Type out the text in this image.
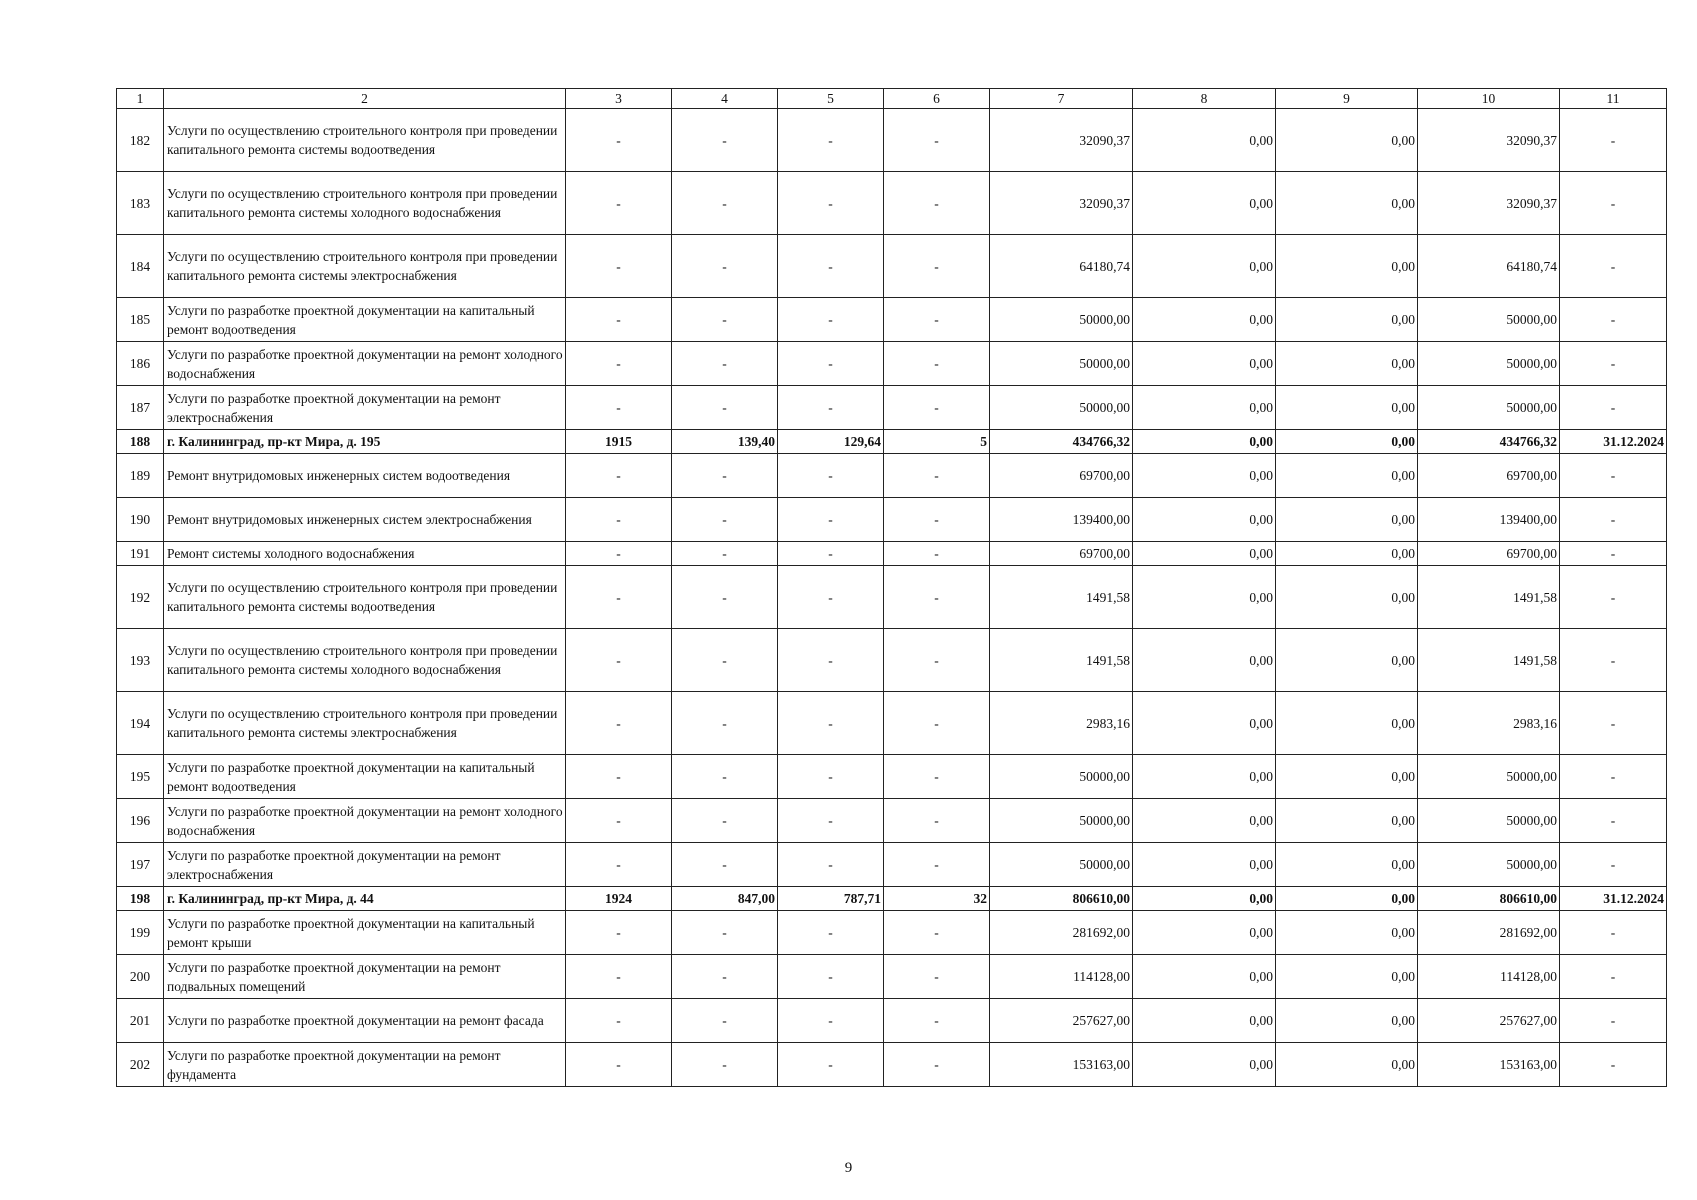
1	2	3	4	5	6	7	8	9	10	11
182	Услуги по осуществлению строительного контроля при проведении капитального ремонта системы водоотведения	-	-	-	-	32090,37	0,00	0,00	32090,37	-
183	Услуги по осуществлению строительного контроля при проведении капитального ремонта системы холодного водоснабжения	-	-	-	-	32090,37	0,00	0,00	32090,37	-
184	Услуги по осуществлению строительного контроля при проведении капитального ремонта системы электроснабжения	-	-	-	-	64180,74	0,00	0,00	64180,74	-
185	Услуги по разработке проектной документации на капитальный ремонт водоотведения	-	-	-	-	50000,00	0,00	0,00	50000,00	-
186	Услуги по разработке проектной документации на ремонт холодного водоснабжения	-	-	-	-	50000,00	0,00	0,00	50000,00	-
187	Услуги по разработке проектной документации на ремонт электроснабжения	-	-	-	-	50000,00	0,00	0,00	50000,00	-
188	г. Калининград, пр-кт Мира, д. 195	1915	139,40	129,64	5	434766,32	0,00	0,00	434766,32	31.12.2024
189	Ремонт внутридомовых инженерных систем водоотведения	-	-	-	-	69700,00	0,00	0,00	69700,00	-
190	Ремонт внутридомовых инженерных систем электроснабжения	-	-	-	-	139400,00	0,00	0,00	139400,00	-
191	Ремонт системы холодного водоснабжения	-	-	-	-	69700,00	0,00	0,00	69700,00	-
192	Услуги по осуществлению строительного контроля при проведении капитального ремонта системы водоотведения	-	-	-	-	1491,58	0,00	0,00	1491,58	-
193	Услуги по осуществлению строительного контроля при проведении капитального ремонта системы холодного водоснабжения	-	-	-	-	1491,58	0,00	0,00	1491,58	-
194	Услуги по осуществлению строительного контроля при проведении капитального ремонта системы электроснабжения	-	-	-	-	2983,16	0,00	0,00	2983,16	-
195	Услуги по разработке проектной документации на капитальный ремонт водоотведения	-	-	-	-	50000,00	0,00	0,00	50000,00	-
196	Услуги по разработке проектной документации на ремонт холодного водоснабжения	-	-	-	-	50000,00	0,00	0,00	50000,00	-
197	Услуги по разработке проектной документации на ремонт электроснабжения	-	-	-	-	50000,00	0,00	0,00	50000,00	-
198	г. Калининград, пр-кт Мира, д. 44	1924	847,00	787,71	32	806610,00	0,00	0,00	806610,00	31.12.2024
199	Услуги по разработке проектной документации на капитальный ремонт крыши	-	-	-	-	281692,00	0,00	0,00	281692,00	-
200	Услуги по разработке проектной документации на ремонт подвальных помещений	-	-	-	-	114128,00	0,00	0,00	114128,00	-
201	Услуги по разработке проектной документации на ремонт фасада	-	-	-	-	257627,00	0,00	0,00	257627,00	-
202	Услуги по разработке проектной документации на ремонт фундамента	-	-	-	-	153163,00	0,00	0,00	153163,00	-
9
